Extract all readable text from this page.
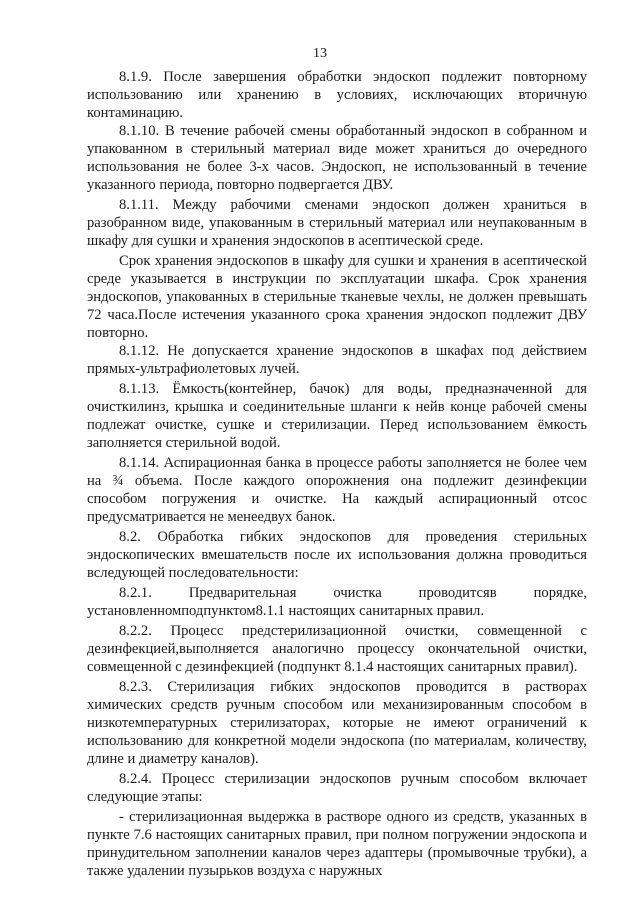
13

8.1.9. После завершения обработки эндоскоп подлежит повторному использованию или хранению в условиях, исключающих вторичную контаминацию.

8.1.10. В течение рабочей смены обработанный эндоскоп в собранном и упакованном в стерильный материал виде может храниться до очередного использования не более 3-х часов. Эндоскоп, не использованный в течение указанного периода, повторно подвергается ДВУ.

8.1.11. Между рабочими сменами эндоскоп должен храниться в разобранном виде, упакованным в стерильный материал или неупакованным в шкафу для сушки и хранения эндоскопов в асептической среде.

Срок хранения эндоскопов в шкафу для сушки и хранения в асептической среде указывается в инструкции по эксплуатации шкафа. Срок хранения эндоскопов, упакованных в стерильные тканевые чехлы, не должен превышать 72 часа.После истечения указанного срока хранения эндоскоп подлежит ДВУ повторно.

8.1.12. Не допускается хранение эндоскопов в шкафах под действием прямых-ультрафиолетовых лучей.

8.1.13. Ёмкость(контейнер, бачок) для воды, предназначенной для очисткилинз, крышка и соединительные шланги к нейв конце рабочей смены подлежат очистке, сушке и стерилизации. Перед использованием ёмкость заполняется стерильной водой.

8.1.14. Аспирационная банка в процессе работы заполняется не более чем на ¾ объема. После каждого опорожнения она подлежит дезинфекции способом погружения и очистке. На каждый аспирационный отсос предусматривается не менеедвух банок.

8.2. Обработка гибких эндоскопов для проведения стерильных эндоскопических вмешательств после их использования должна проводиться вследующей последовательности:

8.2.1. Предварительная очистка проводитсяв порядке, установленномподпунктом8.1.1 настоящих санитарных правил.

8.2.2. Процесс предстерилизационной очистки, совмещенной с дезинфекцией,выполняется аналогично процессу окончательной очистки, совмещенной с дезинфекцией (подпункт 8.1.4 настоящих санитарных правил).

8.2.3. Стерилизация гибких эндоскопов проводится в растворах химических средств ручным способом или механизированным способом в низкотемпературных стерилизаторах, которые не имеют ограничений к использованию для конкретной модели эндоскопа (по материалам, количеству, длине и диаметру каналов).

8.2.4. Процесс стерилизации эндоскопов ручным способом включает следующие этапы:

- стерилизационная выдержка в растворе одного из средств, указанных в пункте 7.6 настоящих санитарных правил, при полном погружении эндоскопа и принудительном заполнении каналов через адаптеры (промывочные трубки), а также удалении пузырьков воздуха с наружных
